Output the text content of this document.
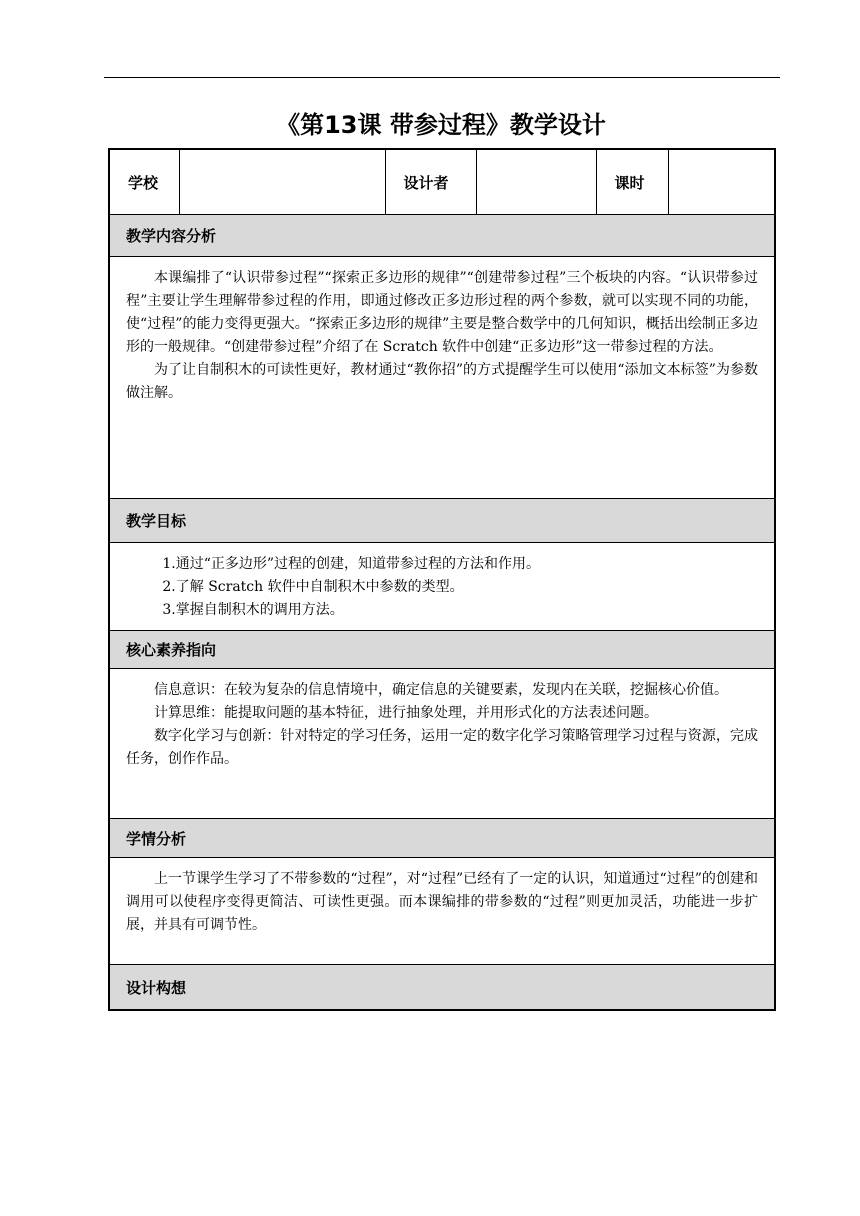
《第13课 带参过程》教学设计
学校		设计者		课时	
教学内容分析

本课编排了“认识带参过程”“探索正多边形的规律”“创建带参过程”三个板块的内容。“认识带参过程”主要让学生理解带参过程的作用，即通过修改正多边形过程的两个参数，就可以实现不同的功能，使“过程”的能力变得更强大。“探索正多边形的规律”主要是整合数学中的几何知识，概括出绘制正多边形的一般规律。“创建带参过程”介绍了在 Scratch 软件中创建“正多边形”这一带参过程的方法。

为了让自制积木的可读性更好，教材通过“教你招”的方式提醒学生可以使用“添加文本标签”为参数做注解。

教学目标

1.通过“正多边形”过程的创建，知道带参过程的方法和作用。

2.了解 Scratch 软件中自制积木中参数的类型。

3.掌握自制积木的调用方法。

核心素养指向

信息意识：在较为复杂的信息情境中，确定信息的关键要素，发现内在关联，挖掘核心价值。

计算思维：能提取问题的基本特征，进行抽象处理，并用形式化的方法表述问题。

数字化学习与创新：针对特定的学习任务，运用一定的数字化学习策略管理学习过程与资源，完成任务，创作作品。

学情分析

上一节课学生学习了不带参数的“过程”，对“过程”已经有了一定的认识，知道通过“过程”的创建和调用可以使程序变得更简洁、可读性更强。而本课编排的带参数的“过程”则更加灵活，功能进一步扩展，并具有可调节性。

设计构想
